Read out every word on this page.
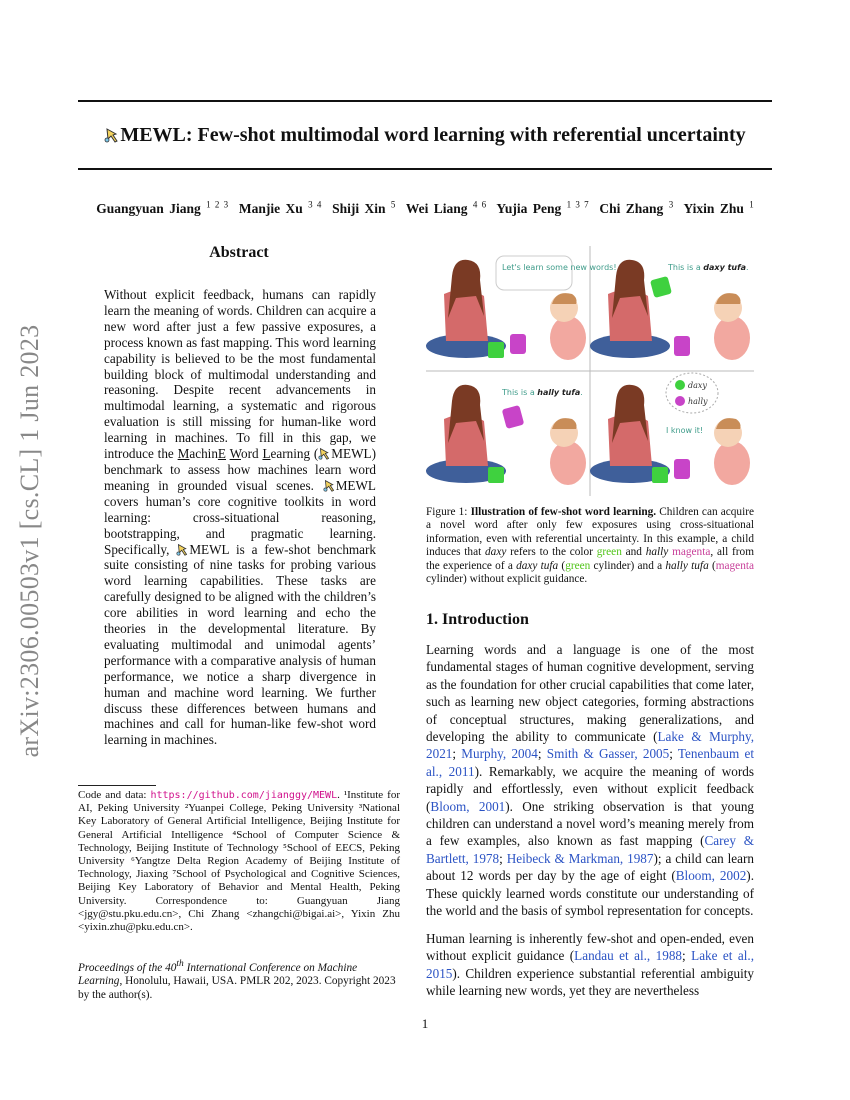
arXiv:2306.00503v1 [cs.CL] 1 Jun 2023
MEWL: Few-shot multimodal word learning with referential uncertainty
Guangyuan Jiang $^{1 2 3}$ Manjie Xu $^{3 4}$ Shiji Xin $^5$ Wei Liang $^{4 6}$ Yujia Peng $^{1 3 7}$ Chi Zhang $^3$ Yixin Zhu $^1$
Abstract
Without explicit feedback, humans can rapidly learn the meaning of words. Children can acquire a new word after just a few passive exposures, a process known as fast mapping. This word learning capability is believed to be the most fundamental building block of multimodal understanding and reasoning. Despite recent advancements in multimodal learning, a systematic and rigorous evaluation is still missing for human-like word learning in machines. To fill in this gap, we introduce the MachinE Word Learning ( MEWL) benchmark to assess how machines learn word meaning in grounded visual scenes. MEWL covers human’s core cognitive toolkits in word learning: cross-situational reasoning, bootstrapping, and pragmatic learning. Specifically, MEWL is a few-shot benchmark suite consisting of nine tasks for probing various word learning capabilities. These tasks are carefully designed to be aligned with the children’s core abilities in word learning and echo the theories in the developmental literature. By evaluating multimodal and unimodal agents’ performance with a comparative analysis of human performance, we notice a sharp divergence in human and machine word learning. We further discuss these differences between humans and machines and call for human-like few-shot word learning in machines.
Code and data: https://github.com/jianggy/MEWL. ¹Institute for AI, Peking University ²Yuanpei College, Peking University ³National Key Laboratory of General Artificial Intelligence, Beijing Institute for General Artificial Intelligence ⁴School of Computer Science & Technology, Beijing Institute of Technology ⁵School of EECS, Peking University ⁶Yangtze Delta Region Academy of Beijing Institute of Technology, Jiaxing ⁷School of Psychological and Cognitive Sciences, Beijing Key Laboratory of Behavior and Mental Health, Peking University. Correspondence to: Guangyuan Jiang <jgy@stu.pku.edu.cn>, Chi Zhang <zhangchi@bigai.ai>, Yixin Zhu <yixin.zhu@pku.edu.cn>.
Proceedings of the 40th International Conference on Machine Learning, Honolulu, Hawaii, USA. PMLR 202, 2023. Copyright 2023 by the author(s).
Let's learn some new words!	This is a daxy tufa.
This is a hally tufa.
daxy
hally
I know it!
Figure 1: Illustration of few-shot word learning. Children can acquire a novel word after only few exposures using cross-situational information, even with referential uncertainty. In this example, a child induces that daxy refers to the color green and hally magenta, all from the experience of a daxy tufa (green cylinder) and a hally tufa (magenta cylinder) without explicit guidance.
1. Introduction
Learning words and a language is one of the most fundamental stages of human cognitive development, serving as the foundation for other crucial capabilities that come later, such as learning new object categories, forming abstractions of conceptual structures, making generalizations, and developing the ability to communicate (Lake & Murphy, 2021; Murphy, 2004; Smith & Gasser, 2005; Tenenbaum et al., 2011). Remarkably, we acquire the meaning of words rapidly and effortlessly, even without explicit feedback (Bloom, 2001). One striking observation is that young children can understand a novel word’s meaning merely from a few examples, also known as fast mapping (Carey & Bartlett, 1978; Heibeck & Markman, 1987); a child can learn about 12 words per day by the age of eight (Bloom, 2002). These quickly learned words constitute our understanding of the world and the basis of symbol representation for concepts.
Human learning is inherently few-shot and open-ended, even without explicit guidance (Landau et al., 1988; Lake et al., 2015). Children experience substantial referential ambiguity while learning new words, yet they are nevertheless
1
